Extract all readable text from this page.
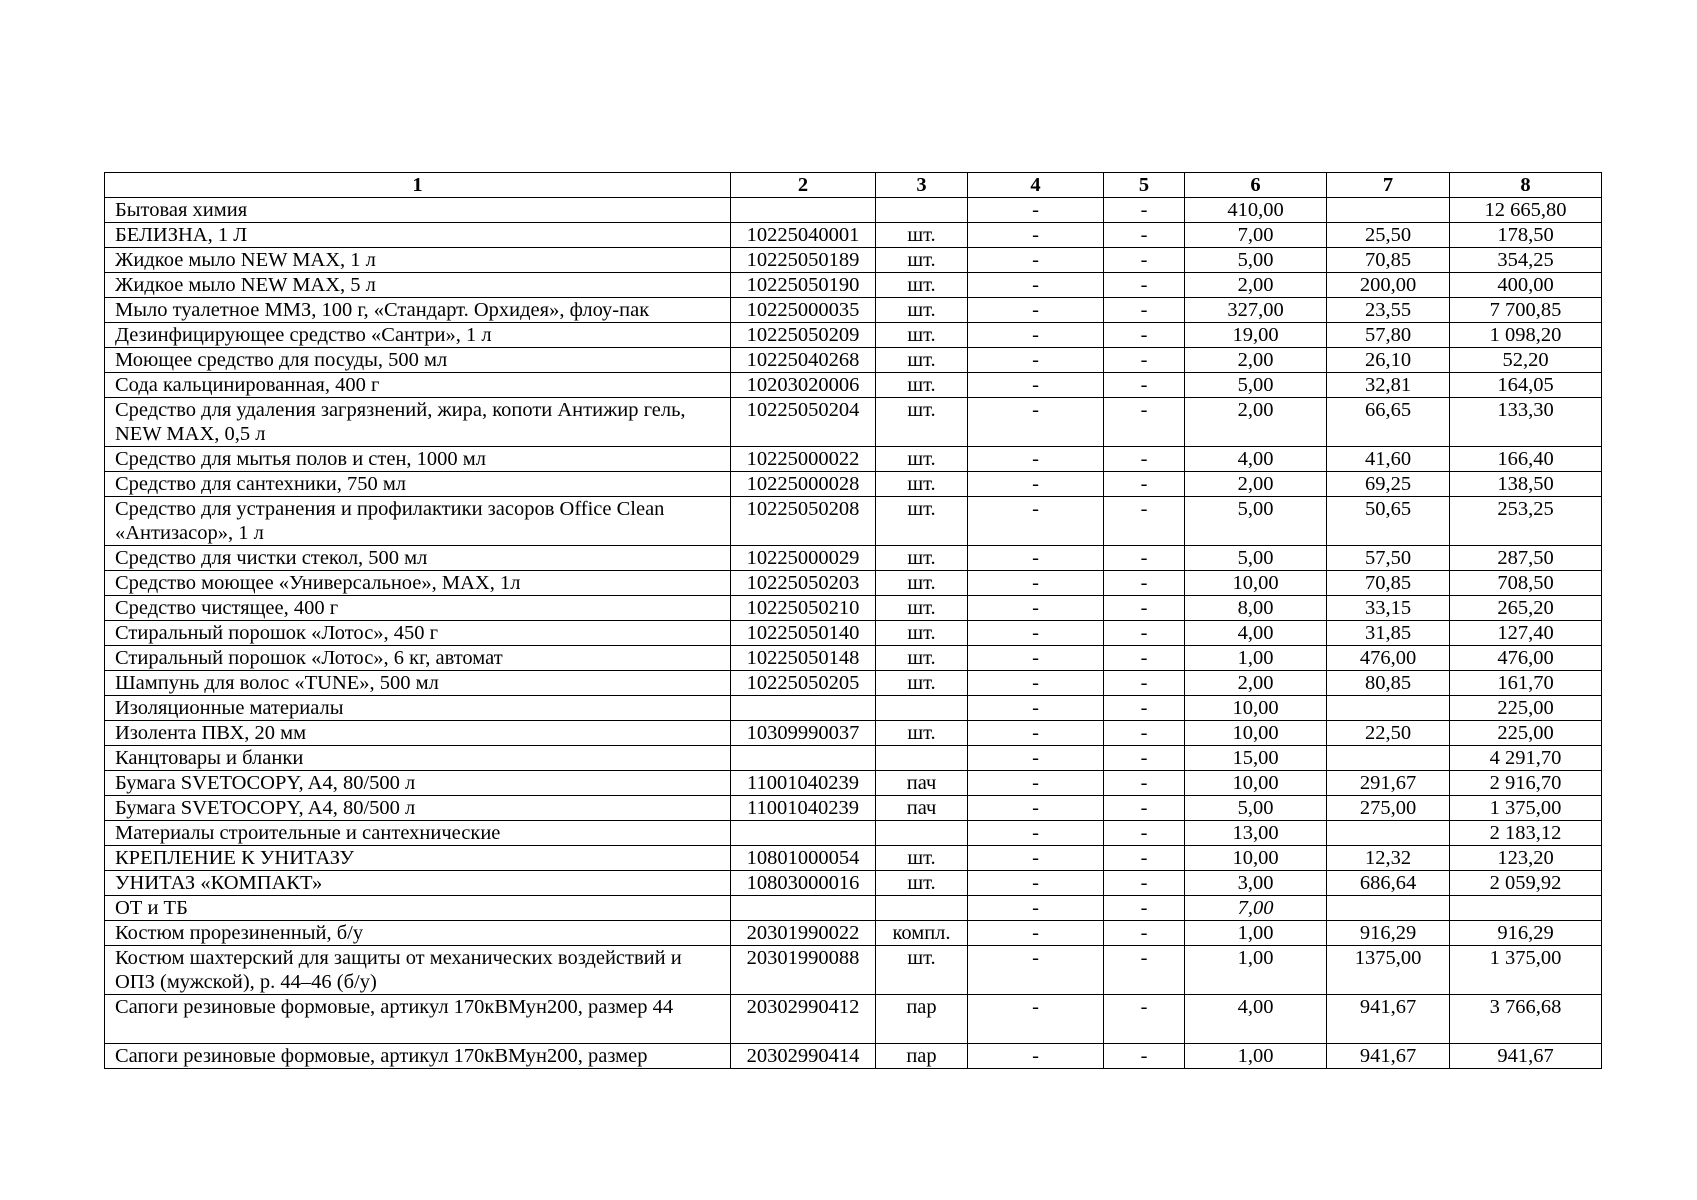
1	2	3	4	5	6	7	8
Бытовая химия			-	-	410,00		12 665,80
БЕЛИЗНА, 1 Л	10225040001	шт.	-	-	7,00	25,50	178,50
Жидкое мыло NEW MAX, 1 л	10225050189	шт.	-	-	5,00	70,85	354,25
Жидкое мыло NEW MAX, 5 л	10225050190	шт.	-	-	2,00	200,00	400,00
Мыло туалетное ММЗ, 100 г, «Стандарт. Орхидея», флоу-пак	10225000035	шт.	-	-	327,00	23,55	7 700,85
Дезинфицирующее средство «Сантри», 1 л	10225050209	шт.	-	-	19,00	57,80	1 098,20
Моющее средство для посуды, 500 мл	10225040268	шт.	-	-	2,00	26,10	52,20
Сода кальцинированная, 400 г	10203020006	шт.	-	-	5,00	32,81	164,05
Средство для удаления загрязнений, жира, копоти Антижир гель, NEW MAX, 0,5 л	10225050204	шт.	-	-	2,00	66,65	133,30
Средство для мытья полов и стен, 1000 мл	10225000022	шт.	-	-	4,00	41,60	166,40
Средство для сантехники, 750 мл	10225000028	шт.	-	-	2,00	69,25	138,50
Средство для устранения и профилактики засоров Office Clean «Антизасор», 1 л	10225050208	шт.	-	-	5,00	50,65	253,25
Средство для чистки стекол, 500 мл	10225000029	шт.	-	-	5,00	57,50	287,50
Средство моющее «Универсальное», MAX, 1л	10225050203	шт.	-	-	10,00	70,85	708,50
Средство чистящее, 400 г	10225050210	шт.	-	-	8,00	33,15	265,20
Стиральный порошок «Лотос», 450 г	10225050140	шт.	-	-	4,00	31,85	127,40
Стиральный порошок «Лотос», 6 кг, автомат	10225050148	шт.	-	-	1,00	476,00	476,00
Шампунь для волос «TUNE», 500 мл	10225050205	шт.	-	-	2,00	80,85	161,70
Изоляционные материалы			-	-	10,00		225,00
Изолента ПВХ, 20 мм	10309990037	шт.	-	-	10,00	22,50	225,00
Канцтовары и бланки			-	-	15,00		4 291,70
Бумага SVETOCOPY, A4, 80/500 л	11001040239	пач	-	-	10,00	291,67	2 916,70
Бумага SVETOCOPY, A4, 80/500 л	11001040239	пач	-	-	5,00	275,00	1 375,00
Материалы строительные и сантехнические			-	-	13,00		2 183,12
КРЕПЛЕНИЕ К УНИТАЗУ	10801000054	шт.	-	-	10,00	12,32	123,20
УНИТАЗ «КОМПАКТ»	10803000016	шт.	-	-	3,00	686,64	2 059,92
ОТ и ТБ			-	-	7,00		
Костюм прорезиненный, б/у	20301990022	компл.	-	-	1,00	916,29	916,29
Костюм шахтерский для защиты от механических воздействий и ОПЗ (мужской), р. 44–46 (б/у)	20301990088	шт.	-	-	1,00	1375,00	1 375,00
Сапоги резиновые формовые, артикул 170кВМун200, размер 44	20302990412	пар	-	-	4,00	941,67	3 766,68
Сапоги резиновые формовые, артикул 170кВМун200, размер	20302990414	пар	-	-	1,00	941,67	941,67
